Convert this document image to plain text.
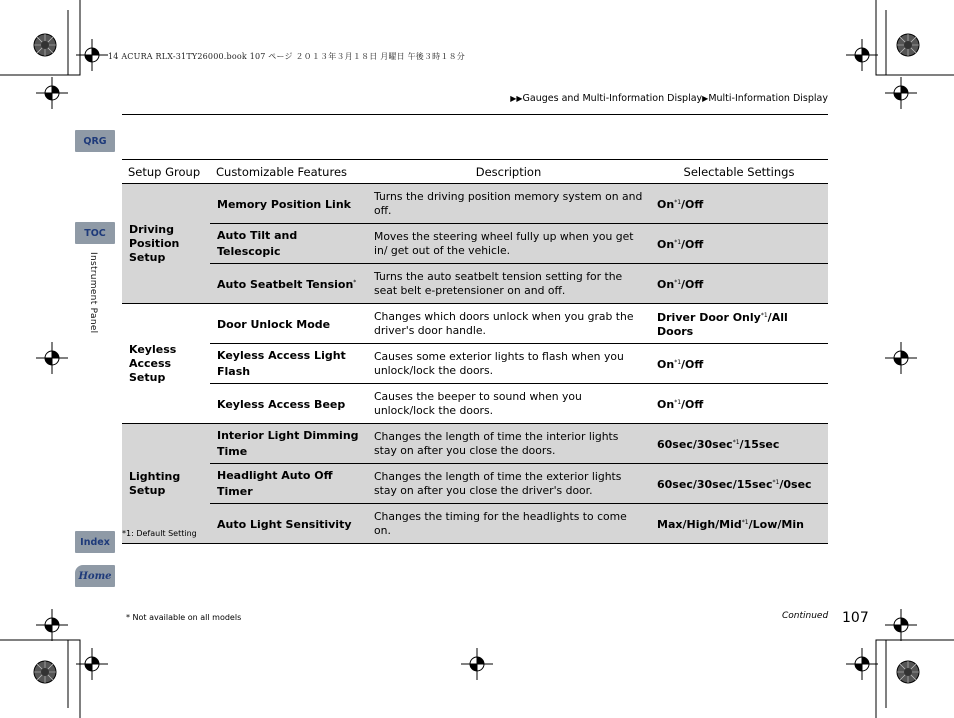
14 ACURA RLX-31TY26000.book 107 ページ ２０１３年３月１８日 月曜日 午後３時１８分
▶▶Gauges and Multi-Information Display▶Multi-Information Display
QRG
TOC
Instrument Panel
Index
Home
Setup Group	Customizable Features	Description	Selectable Settings
Driving Position Setup	Memory Position Link	Turns the driving position memory system on and off.	On$^{*1}$/Off
	Auto Tilt and Telescopic	Moves the steering wheel fully up when you get in/ get out of the vehicle.	On$^{*1}$/Off
	Auto Seatbelt Tension*	Turns the auto seatbelt tension setting for the seat belt e-pretensioner on and off.	On$^{*1}$/Off
Keyless Access Setup	Door Unlock Mode	Changes which doors unlock when you grab the driver's door handle.	Driver Door Only$^{*1}$/All Doors
	Keyless Access Light Flash	Causes some exterior lights to flash when you unlock/lock the doors.	On$^{*1}$/Off
	Keyless Access Beep	Causes the beeper to sound when you unlock/lock the doors.	On$^{*1}$/Off
Lighting Setup	Interior Light Dimming Time	Changes the length of time the interior lights stay on after you close the doors.	$60\sec/30\sec^{*1}/15\sec$
	Headlight Auto Off Timer	Changes the length of time the exterior lights stay on after you close the driver's door.	$60\sec/30\sec/15\sec^{*1}/0\sec$
	Auto Light Sensitivity	Changes the timing for the headlights to come on.	Max/High/Mid$^{*1}$/Low/Min
*1: Default Setting
* Not available on all models	Continued 107
